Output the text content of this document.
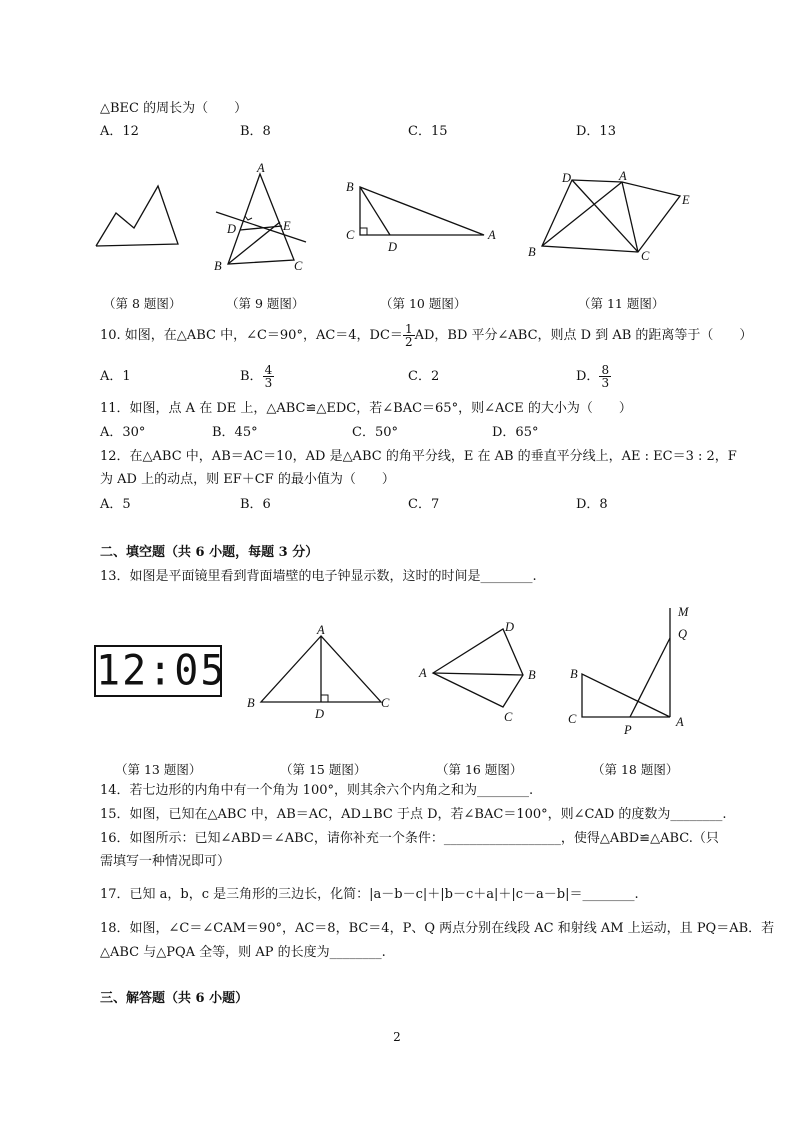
△BEC 的周长为（　　）
A．12	B．8	C．15	D．13
A
D	E
B	C
B
C
D
A
D	A
E
B	C
（第 8 题图）	（第 9 题图）	（第 10 题图）	（第 11 题图）
10. 如图，在△ABC 中，∠C＝90°，AC＝4，$DC= \frac{1}{2}$ AD，BD 平分∠ABC，则点 D 到 AB 的距离等于（　　）
A．1	B． $\frac{4}{3}$	C．2	D． $\frac{8}{3}$
11．如图，点 A 在 DE 上，△ABC≌△EDC，若∠BAC＝65°，则∠ACE 的大小为（　　）
A．30°	B．45°	C．50°	D．65°
12．在△ABC 中，AB＝AC＝10，AD 是△ABC 的角平分线，E 在 AB 的垂直平分线上，AE : EC＝3 : 2，F
为 AD 上的动点，则 EF＋CF 的最小值为（　　）
A．5	B．6	C．7	D．8
二、填空题（共 6 小题，每题 3 分）
13．如图是平面镜里看到背面墙壁的电子钟显示数，这时的时间是________.
12:05
A
B
D
C
D
A	B
C
M
Q
B
C
P
A
（第 13 题图）	（第 15 题图）	（第 16 题图）	（第 18 题图）
14．若七边形的内角中有一个角为 100°，则其余六个内角之和为________.
15．如图，已知在△ABC 中，AB＝AC，AD⊥BC 于点 D，若∠BAC＝100°，则∠CAD 的度数为________.
16．如图所示：已知∠ABD＝∠ABC，请你补充一个条件：__________________，使得△ABD≌△ABC.（只
需填写一种情况即可）
17．已知 a，b，c 是三角形的三边长，化简：|a－b－c|＋|b－c＋a|＋|c－a－b|＝________.
18．如图，∠C＝∠CAM＝90°，AC＝8，BC＝4，P、Q 两点分别在线段 AC 和射线 AM 上运动，且 PQ＝AB．若
△ABC 与△PQA 全等，则 AP 的长度为________.
三、解答题（共 6 小题）
2
